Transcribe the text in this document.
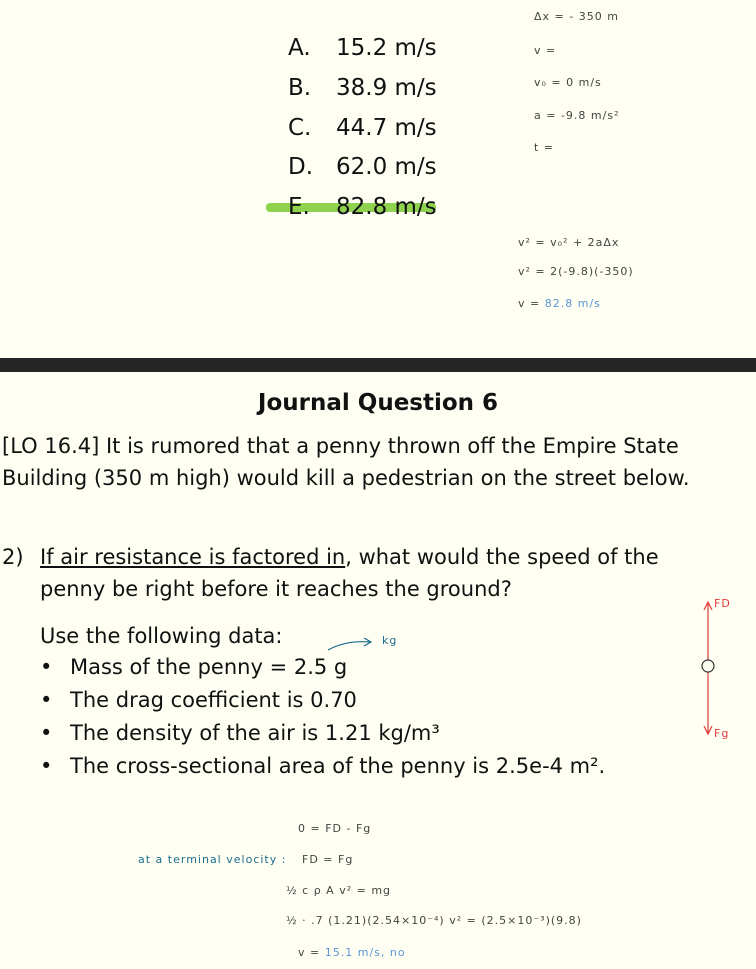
A. 15.2 m/s
B. 38.9 m/s
C. 44.7 m/s
D. 62.0 m/s
E. 82.8 m/s
Δx = - 350 m
v =
v₀ = 0 m/s
a = -9.8 m/s²
t =
v² = v₀² + 2aΔx
v² = 2(-9.8)(-350)
v = 82.8 m/s
Journal Question 6
[LO 16.4] It is rumored that a penny thrown off the Empire State Building (350 m high) would kill a pedestrian on the street below.
2) If air resistance is factored in, what would the speed of the penny be right before it reaches the ground?
Use the following data:
• Mass of the penny = 2.5 g
• The drag coefficient is 0.70
• The density of the air is 1.21 kg/m³
• The cross-sectional area of the penny is 2.5e-4 m².
kg
FD
Fg
0 = FD - Fg
at a terminal velocity : FD = Fg
½ c ρ A v² = mg
½ · .7 (1.21)(2.54×10⁻⁴) v² = (2.5×10⁻³)(9.8)
v = 15.1 m/s, no
